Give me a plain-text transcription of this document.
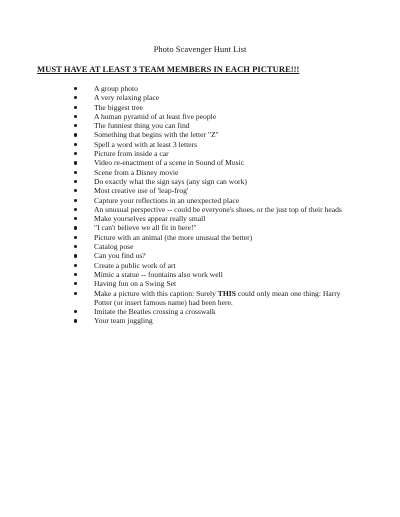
Photo Scavenger Hunt List
MUST HAVE AT LEAST 3 TEAM MEMBERS IN EACH PICTURE!!!
A group photo
A very relaxing place
The biggest tree
A human pyramid of at least five people
The funniest thing you can find
Something that begins with the letter "Z"
Spell a word with at least 3 letters
Picture from inside a car
Video re-enactment of a scene in Sound of Music
Scene from a Disney movie
Do exactly what the sign says (any sign can work)
Most creative use of 'leap-frog'
Capture your reflections in an unexpected place
An unusual perspective -- could be everyone's shoes, or the just top of their heads
Make yourselves appear really small
"I can't believe we all fit in here!"
Picture with an animal (the more unusual the better)
Catalog pose
Can you find us?
Create a public work of art
Mimic a statue -- fountains also work well
Having fun on a Swing Set
Make a picture with this caption: Surely THIS could only mean one thing: Harry Potter (or insert famous name) had been here.
Imitate the Beatles crossing a crosswalk
Your team juggling
